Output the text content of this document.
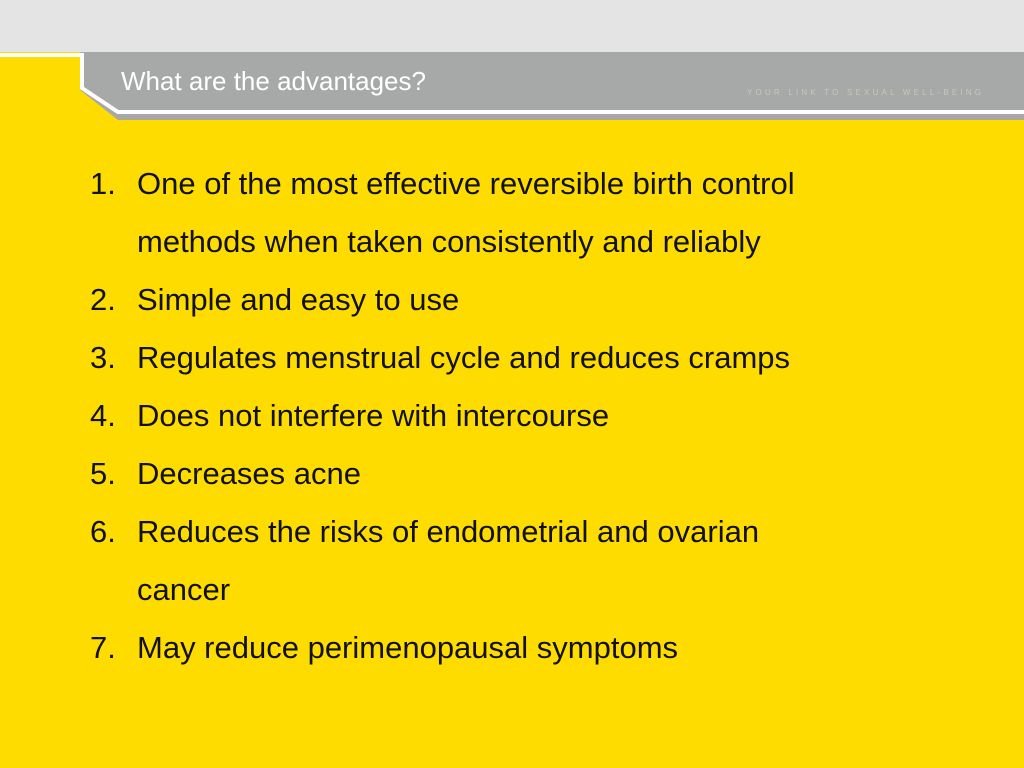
What are the advantages?	YOUR LINK TO SEXUAL WELL-BEING
1. One of the most effective reversible birth control
methods when taken consistently and reliably
2. Simple and easy to use
3. Regulates menstrual cycle and reduces cramps
4. Does not interfere with intercourse
5. Decreases acne
6. Reduces the risks of endometrial and ovarian
cancer
7. May reduce perimenopausal symptoms
